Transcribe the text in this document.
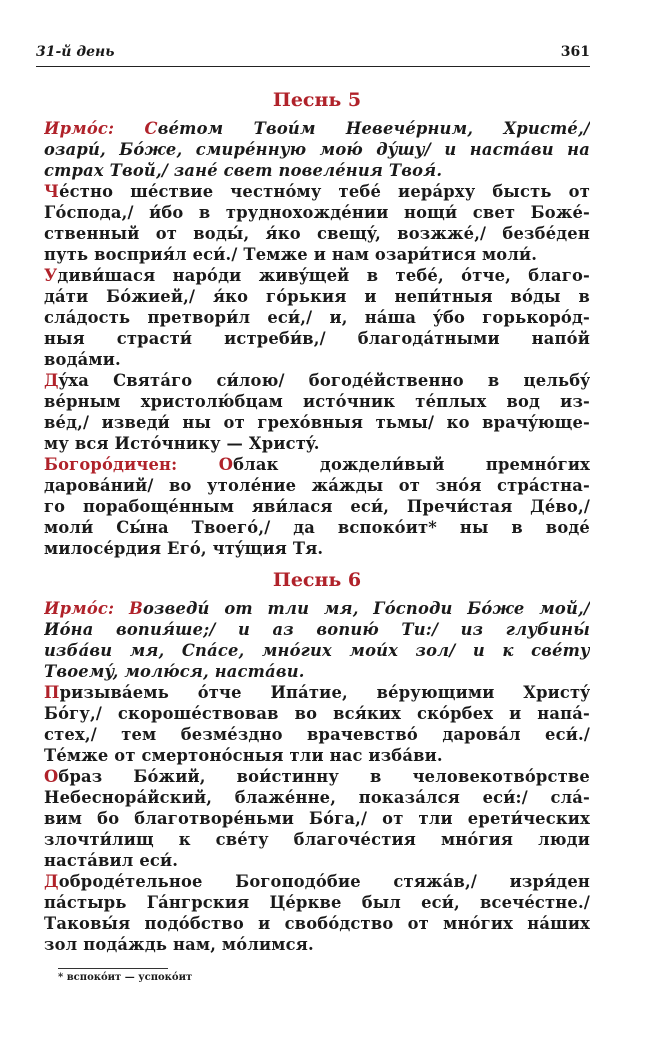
31-й день	361
Песнь 5
Ирмóс: Свéтом Твои́м Невечéрним, Христé,/
озари́, Бóже, смирéнную мою́ дýшу/ и настáви на
страх Твой,/ занé свет повелéния Твоя́.
Чéстно шéствие честнóму тебé иерáрху бысть от
Гóспода,/ и́бо в труднохождéнии нощи́ свет Божé-
ственный от воды́, я́ко свещý, возжжé,/ безбéден
путь восприя́л еси́./ Темже и нам озари́тися моли́.
Удиви́шася нарóди живýщей в тебé, óтче, благо-
дáти Бóжией,/ я́ко гóрькия и непи́тныя вóды в
слáдость претвори́л еси́,/ и, нáша ýбо горькорóд-
ныя страсти́ истреби́в,/ благодáтными напóй
водáми.
Дýха Святáго си́лою/ богодéйственно в цельбý
вéрным христолю́бцам истóчник тéплых вод из-
вéд,/ изведи́ ны от грехóвныя тьмы/ ко врачýюще-
му вся Истóчнику — Христý.
Богорóдичен:	Облак дождели́вый премнóгих
даровáний/ во утолéние жáжды от знóя стрáстна-
го порабощéнным яви́лася еси́, Пречи́стая Дéво,/
моли́ Сы́на Твоегó,/ да вспокóит* ны в водé
милосéрдия Егó, чтýщия Тя.
Песнь 6
Ирмóс: Возведи́ от тли мя, Гóсподи Бóже мой,/
Иóна вопия́ше;/ и аз вопию́ Ти:/ из глубины́
изба́ви мя, Спáсе, мнóгих мои́х зол/ и к свéту
Твоемý, молю́ся, настáви.
Призывáемь óтче Ипáтие, вéрующими Христý
Бóгу,/ скорошéствовав во вся́ких скóрбех и напá-
стех,/ тем безмéздно врачевствó даровáл еси́./
Тéмже от смертонóсныя тли нас изба́ви.
Образ Бóжий, вои́стинну в человекотвóрстве
Небеснорáйский, блажéнне, показáлся еси́:/ слá-
вим бо благотворéньми Бóга,/ от тли ерети́ческих
злочти́лищ к свéту благочéстия мнóгия люди
настáвил еси́.
Добродéтельное Богоподóбие стяжáв,/ изря́ден
пáстырь Гáнгрския Цéркве был еси́, всечéстне./
Таковы́я подóбство и свобóдство от мнóгих нáших
зол подáждь нам, мóлимся.
* вспокóит — успокóит
